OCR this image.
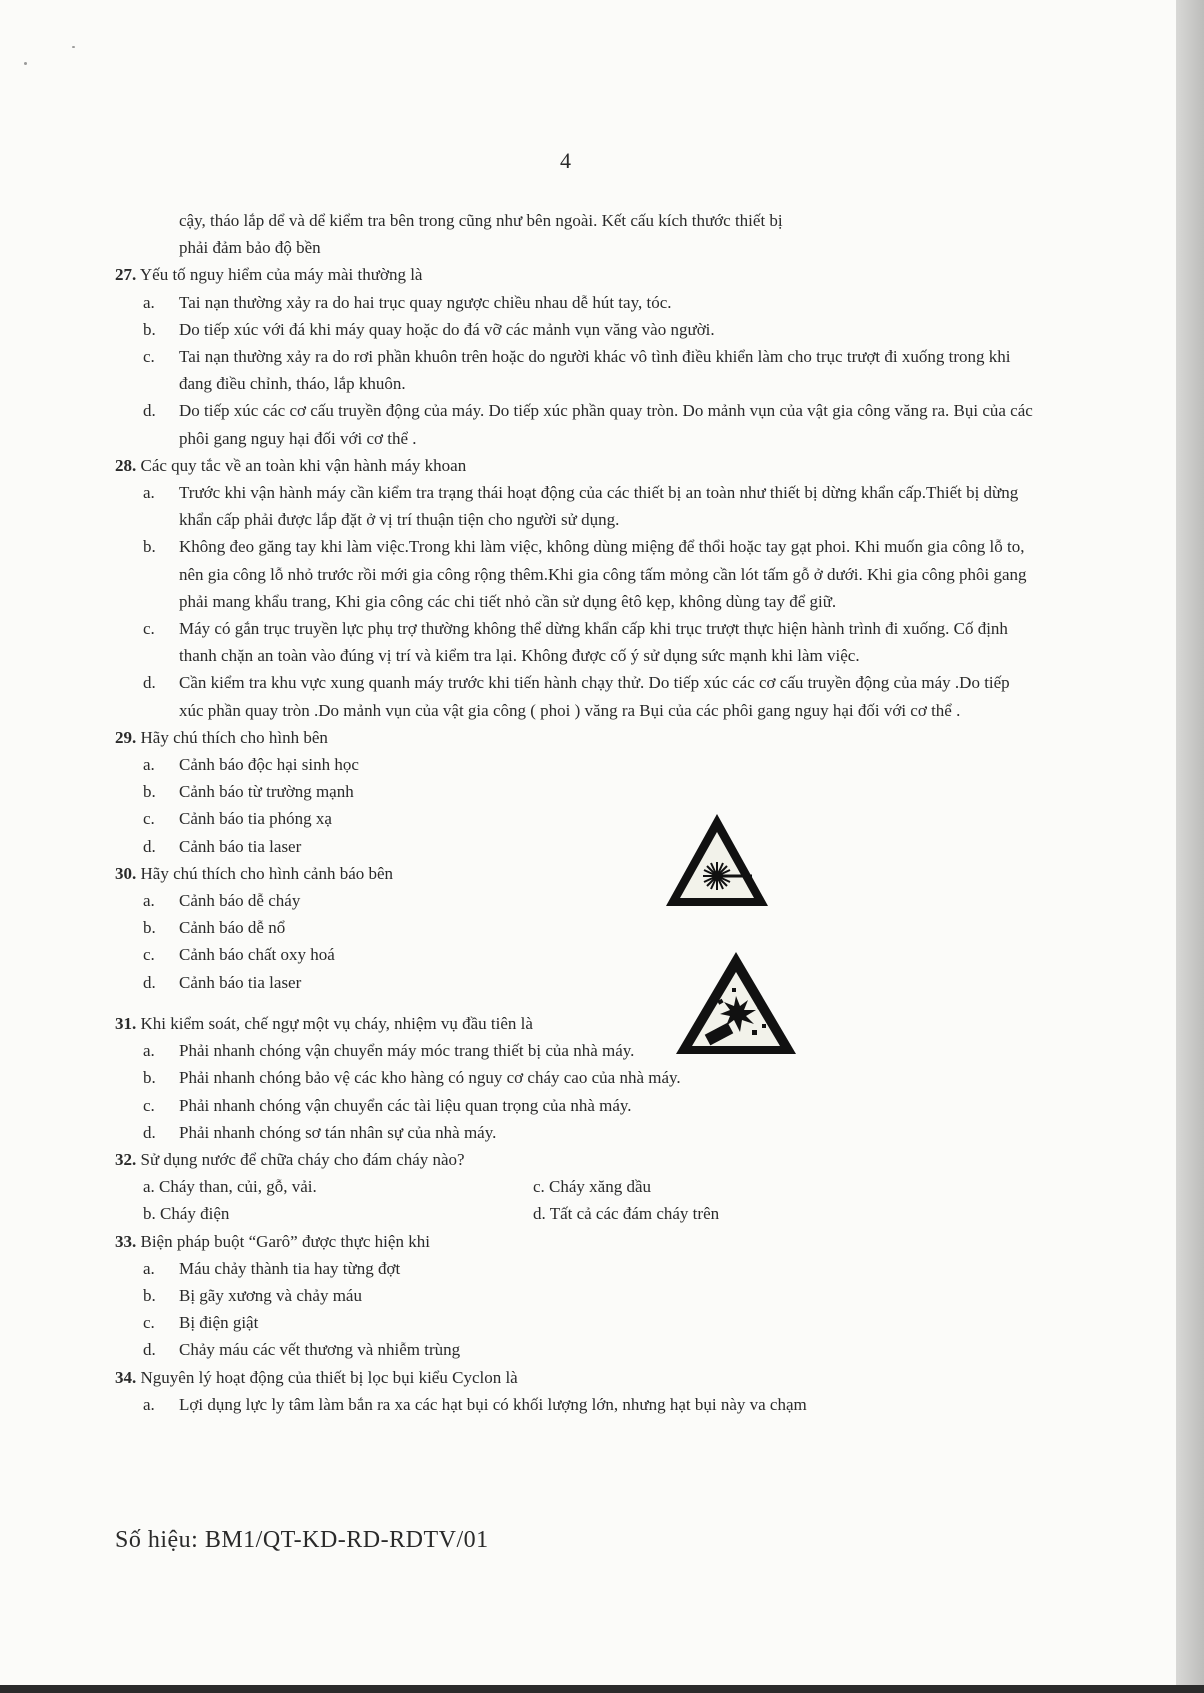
4
cậy, tháo lắp dể và dể kiểm tra bên trong cũng như bên ngoài. Kết cấu kích thước thiết bị
phải đảm bảo độ bền
27. Yếu tố nguy hiểm của máy mài thường là
a.	Tai nạn thường xảy ra do hai trục quay ngược chiều nhau dễ hút tay, tóc.
b.	Do tiếp xúc với đá khi máy quay hoặc do đá vỡ các mảnh vụn văng vào người.
c.	Tai nạn thường xảy ra do rơi phần khuôn trên hoặc do người khác vô tình điều khiển làm cho trục trượt đi xuống trong khi đang điều chỉnh, tháo, lắp khuôn.
d.	Do tiếp xúc các cơ cấu truyền động của máy. Do tiếp xúc phần quay tròn. Do mảnh vụn của vật gia công văng ra. Bụi của các phôi gang nguy hại đối với cơ thể .
28. Các quy tắc về an toàn khi vận hành máy khoan
a.	Trước khi vận hành máy cần kiểm tra trạng thái hoạt động của các thiết bị an toàn như thiết bị dừng khẩn cấp.Thiết bị dừng khẩn cấp phải được lắp đặt ở vị trí thuận tiện cho người sử dụng.
b.	Không đeo găng tay khi làm việc.Trong khi làm việc, không dùng miệng để thổi hoặc tay gạt phoi. Khi muốn gia công lỗ to, nên gia công lỗ nhỏ trước rồi mới gia công rộng thêm.Khi gia công tấm mỏng cần lót tấm gỗ ở dưới. Khi gia công phôi gang phải mang khẩu trang, Khi gia công các chi tiết nhỏ cần sử dụng êtô kẹp, không dùng tay để giữ.
c.	Máy có gắn trục truyền lực phụ trợ thường không thể dừng khẩn cấp khi trục trượt thực hiện hành trình đi xuống. Cố định thanh chặn an toàn vào đúng vị trí và kiểm tra lại. Không được cố ý sử dụng sức mạnh khi làm việc.
d.	Cần kiểm tra khu vực xung quanh máy trước khi tiến hành chạy thử. Do tiếp xúc các cơ cấu truyền động của máy .Do tiếp xúc phần quay tròn .Do mảnh vụn của vật gia công ( phoi ) văng ra Bụi của các phôi gang nguy hại đối với cơ thể .
29. Hãy chú thích cho hình bên
a.	Cảnh báo độc hại sinh học
b.	Cảnh báo từ trường mạnh
c.	Cảnh báo tia phóng xạ
d.	Cảnh báo tia laser
30. Hãy chú thích cho hình cảnh báo bên
a.	Cảnh báo dễ cháy
b.	Cảnh báo dễ nổ
c.	Cảnh báo chất oxy hoá
d.	Cảnh báo tia laser
31. Khi kiểm soát, chế ngự một vụ cháy, nhiệm vụ đầu tiên là
a.	Phải nhanh chóng vận chuyển máy móc trang thiết bị của nhà máy.
b.	Phải nhanh chóng bảo vệ các kho hàng có nguy cơ cháy cao của nhà máy.
c.	Phải nhanh chóng vận chuyển các tài liệu quan trọng của nhà máy.
d.	Phải nhanh chóng sơ tán nhân sự của nhà máy.
32. Sử dụng nước để chữa cháy cho đám cháy nào?
a. Cháy than, củi, gỗ, vải.	c. Cháy xăng dầu
b. Cháy điện	d. Tất cả các đám cháy trên
33. Biện pháp buột “Garô” được thực hiện khi
a.	Máu chảy thành tia hay từng đợt
b.	Bị gãy xương và chảy máu
c.	Bị điện giật
d.	Chảy máu các vết thương và nhiễm trùng
34. Nguyên lý hoạt động của thiết bị lọc bụi kiểu Cyclon là
a.	Lợi dụng lực ly tâm làm bắn ra xa các hạt bụi có khối lượng lớn, nhưng hạt bụi này va chạm
Số hiệu: BM1/QT-KD-RD-RDTV/01
